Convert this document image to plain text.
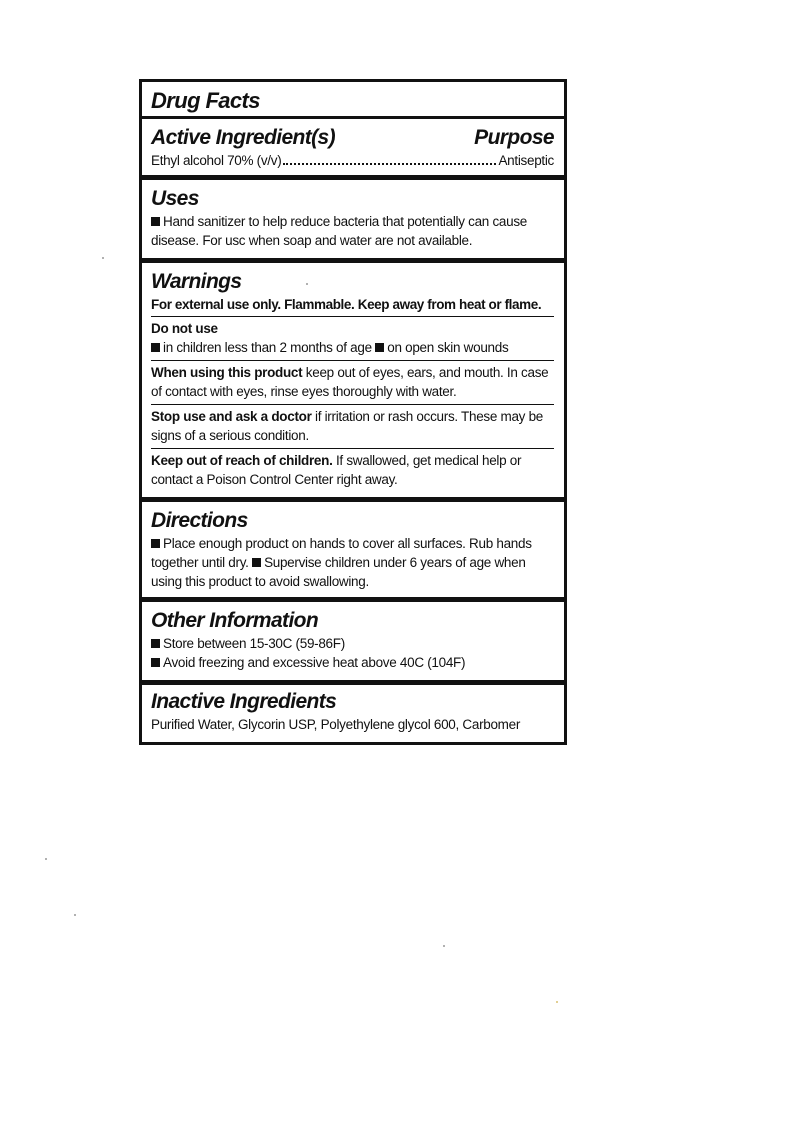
Drug Facts
Active Ingredient(s)	Purpose
Ethyl alcohol 70% (v/v)	Antiseptic
Uses
Hand sanitizer to help reduce bacteria that potentially can cause disease. For usc when soap and water are not available.
Warnings
For external use only. Flammable. Keep away from heat or flame.
Do not use
in children less than 2 months of age on open skin wounds
When using this product keep out of eyes, ears, and mouth. In case of contact with eyes, rinse eyes thoroughly with water.
Stop use and ask a doctor if irritation or rash occurs. These may be signs of a serious condition.
Keep out of reach of children. If swallowed, get medical help or contact a Poison Control Center right away.
Directions
Place enough product on hands to cover all surfaces. Rub hands together until dry. Supervise children under 6 years of age when using this product to avoid swallowing.
Other Information
Store between 15-30C (59-86F)
Avoid freezing and excessive heat above 40C (104F)
Inactive Ingredients
Purified Water, Glycorin USP, Polyethylene glycol 600, Carbomer
